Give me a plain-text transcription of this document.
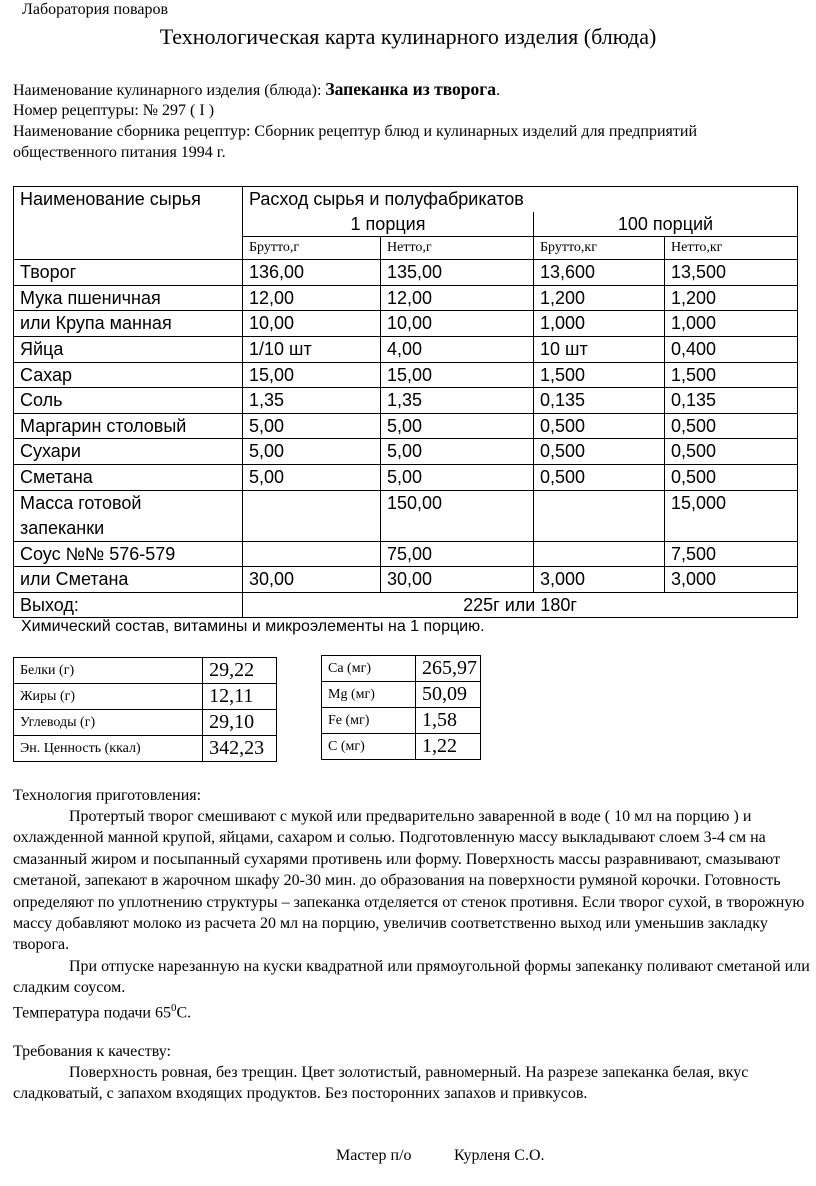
Лаборатория поваров
Технологическая карта кулинарного изделия (блюда)
Наименование кулинарного изделия (блюда): Запеканка из творога.
Номер рецептуры: № 297 ( I )
Наименование сборника рецептур: Сборник рецептур блюд и кулинарных изделий для предприятий
общественного питания 1994 г.
Наименование сырья	Расход сырья и полуфабрикатов			
	1 порция		100 порций	
	Брутто,г	Нетто,г	Брутто,кг	Нетто,кг
Творог	136,00	135,00	13,600	13,500
Мука пшеничная	12,00	12,00	1,200	1,200
или Крупа манная	10,00	10,00	1,000	1,000
Яйца	1/10 шт	4,00	10 шт	0,400
Сахар	15,00	15,00	1,500	1,500
Соль	1,35	1,35	0,135	0,135
Маргарин столовый	5,00	5,00	0,500	0,500
Сухари	5,00	5,00	0,500	0,500
Сметана	5,00	5,00	0,500	0,500
Масса готовой
запеканки		150,00		15,000
Соус №№ 576-579		75,00		7,500
или Сметана	30,00	30,00	3,000	3,000
Выход:	225г или 180г			
Химический состав, витамины и микроэлементы на 1 порцию.
Белки (г)	29,22
Жиры (г)	12,11
Углеводы (г)	29,10
Эн. Ценность (ккал)	342,23
Ca (мг)	265,97
Mg (мг)	50,09
Fe (мг)	1,58
C (мг)	1,22
Технология приготовления:
Протертый творог смешивают с мукой или предварительно заваренной в воде ( 10 мл на порцию ) и охлажденной манной крупой, яйцами, сахаром и солью. Подготовленную массу выкладывают слоем 3-4 см на смазанный жиром и посыпанный сухарями противень или форму. Поверхность массы разравнивают, смазывают сметаной, запекают в жарочном шкафу 20-30 мин. до образования на поверхности румяной корочки. Готовность определяют по уплотнению структуры – запеканка отделяется от стенок противня. Если творог сухой, в творожную массу добавляют молоко из расчета 20 мл на порцию, увеличив соответственно выход или уменьшив закладку творога.
При отпуске нарезанную на куски квадратной или прямоугольной формы запеканку поливают сметаной или сладким соусом.
Температура подачи $65^0С$.
Требования к качеству:
Поверхность ровная, без трещин. Цвет золотистый, равномерный. На разрезе запеканка белая, вкус сладковатый, с запахом входящих продуктов. Без посторонних запахов и привкусов.
Мастер п/о	Курленя С.О.
